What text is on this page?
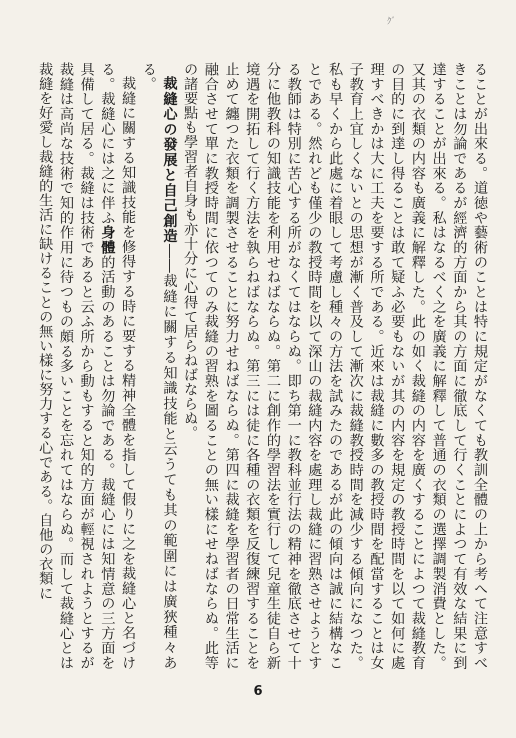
ｸﾞ

ることが出來る。道徳や藝術のことは特に規定がなくても教訓全體の上から考へて注意すべきことは勿論であるが經濟的方面から其の方面に徹底して行くことによつて有效な結果に到達することが出來る。私はなるべく之を廣義に解釋して普通の衣類の選擇調製消費とした。又其の衣類の内容も廣義に解釋した。此の如く裁縫の内容を廣くすることによつて裁縫教育の目的に到達し得ることは敢て疑ふ必要もないが其の内容を規定の教授時間を以て如何に處理すべきかは大に工夫を要する所である。近來は裁縫に數多の教授時間を配當することは女子教育上宜しくないとの思想が漸く普及して漸次に裁縫教授時間を減少する傾向になつた。私も早くから此處に着眼して考慮し種々の方法を試みたのであるが此の傾向は誠に結構なことである。然れども僅少の教授時間を以て深山の裁縫内容を處理し裁縫に習熟させようとする教師は特別に苦心する所がなくてはならぬ。即ち第一に教科並行法の精神を徹底させて十分に他教科の知識技能を利用せねばならぬ。第二に創作的學習法を實行して兒童生徒自ら新境遇を開拓して行く方法を執らねばならぬ。第三には徒に各種の衣類を反復練習することを止めて纏つた衣類を調製させることに努力せねばならぬ。第四に裁縫を學習者の日常生活に融合させて單に教授時間に依つてのみ裁縫の習熟を圖ることの無い樣にせねばならぬ。此等の諸要點も學習者自身も亦十分に心得て居らねばならぬ。

裁縫心の發展と自己創造――裁縫に關する知識技能と云うても其の範圍には廣狹種々ある。

裁縫に關する知識技能を修得する時に要する精神全體を指して假りに之を裁縫心と名づける。裁縫心には之に伴ふ身體的活動のあることは勿論である。裁縫心には知情意の三方面を具備して居る。裁縫は技術であると云ふ所から動もすると知的方面が輕視されようとするが裁縫は高尚な技術で知的作用に待つもの頗る多いことを忘れてはならぬ。而して裁縫心とは裁縫を好愛し裁縫的生活に缺けることの無い樣に努力する心である。自他の衣類に

6
